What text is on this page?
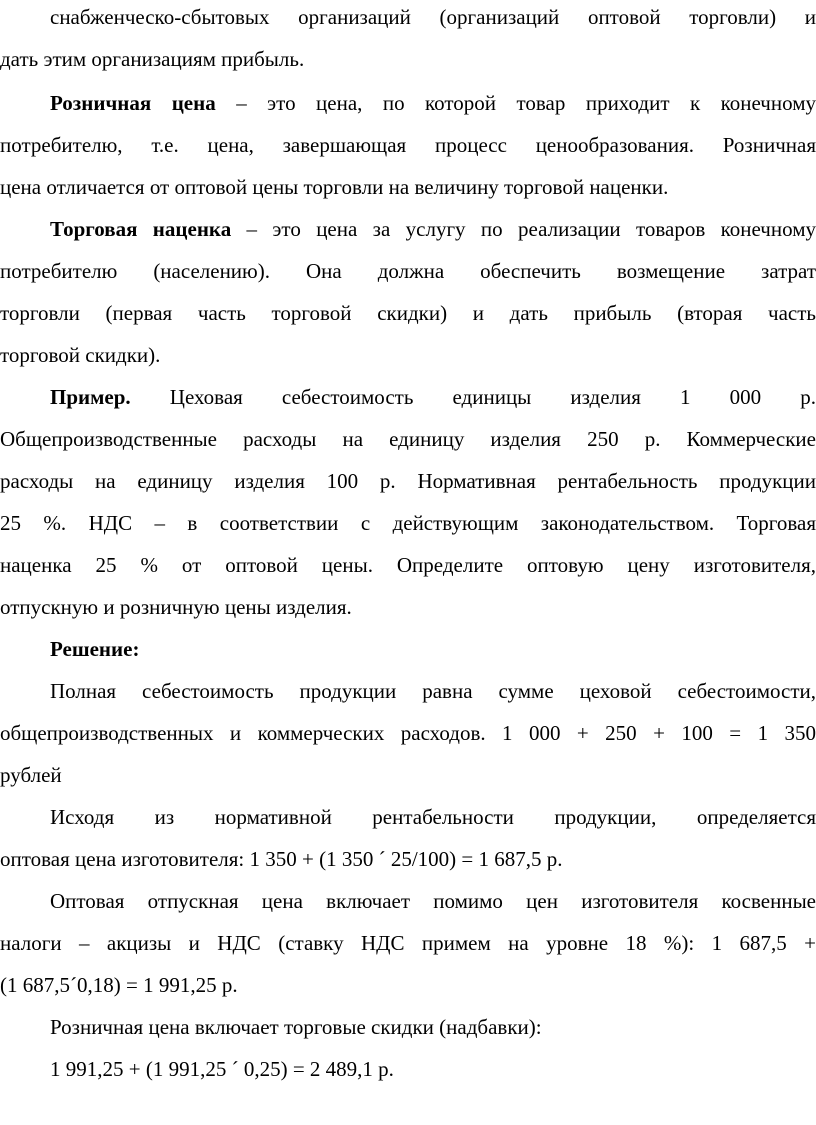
снабженческо-сбытовых организаций (организаций оптовой торговли) и
дать этим организациям прибыль.
Розничная цена – это цена, по которой товар приходит к конечному
потребителю, т.е. цена, завершающая процесс ценообразования. Розничная
цена отличается от оптовой цены торговли на величину торговой наценки.
Торговая наценка – это цена за услугу по реализации товаров конечному
потребителю (населению). Она должна обеспечить возмещение затрат
торговли (первая часть торговой скидки) и дать прибыль (вторая часть
торговой скидки).
Пример. Цеховая себестоимость единицы изделия 1 000 р.
Общепроизводственные расходы на единицу изделия 250 р. Коммерческие
расходы на единицу изделия 100 р. Нормативная рентабельность продукции
25 %. НДС – в соответствии с действующим законодательством. Торговая
наценка 25 % от оптовой цены. Определите оптовую цену изготовителя,
отпускную и розничную цены изделия.
Решение:
Полная себестоимость продукции равна сумме цеховой себестоимости,
общепроизводственных и коммерческих расходов. 1 000 + 250 + 100 = 1 350
рублей
Исходя из нормативной рентабельности продукции, определяется
оптовая цена изготовителя: 1 350 + (1 350 ´ 25/100) = 1 687,5 р.
Оптовая отпускная цена включает помимо цен изготовителя косвенные
налоги – акцизы и НДС (ставку НДС примем на уровне 18 %): 1 687,5 +
(1 687,5´0,18) = 1 991,25 р.
Розничная цена включает торговые скидки (надбавки):
1 991,25 + (1 991,25 ´ 0,25) = 2 489,1 р.
